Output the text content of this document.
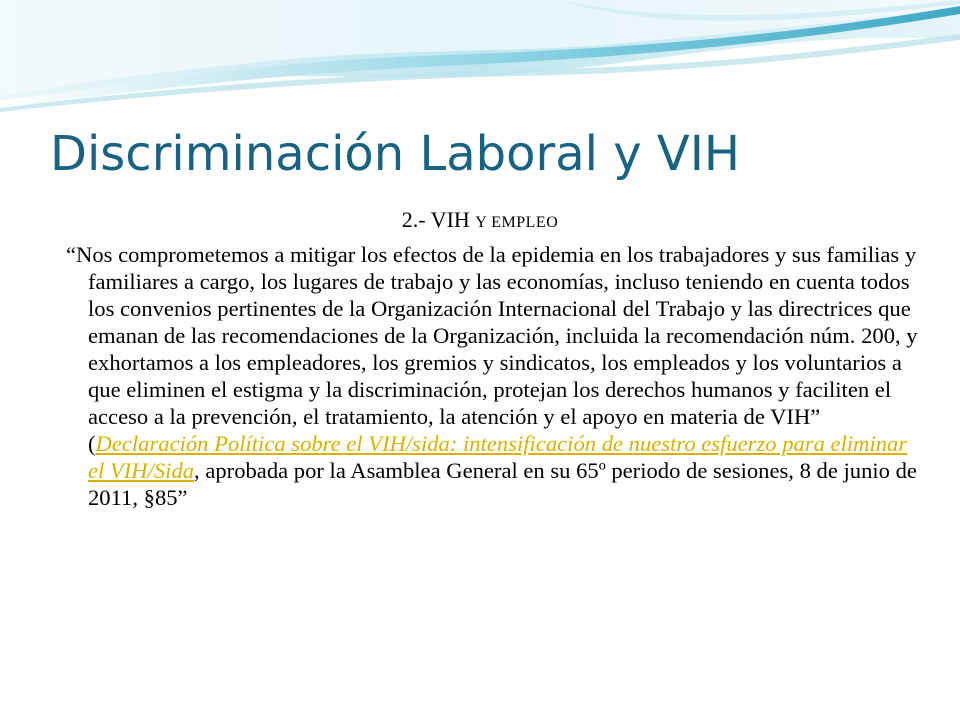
Discriminación Laboral y VIH
2.- VIH Y EMPLEO
“Nos comprometemos a mitigar los efectos de la epidemia en los trabajadores y sus familias y familiares a cargo, los lugares de trabajo y las economías, incluso teniendo en cuenta todos los convenios pertinentes de la Organización Internacional del Trabajo y las directrices que emanan de las recomendaciones de la Organización, incluida la recomendación núm. 200, y exhortamos a los empleadores, los gremios y sindicatos, los empleados y los voluntarios a que eliminen el estigma y la discriminación, protejan los derechos humanos y faciliten el acceso a la prevención, el tratamiento, la atención y el apoyo en materia de VIH” (Declaración Política sobre el VIH/sida: intensificación de nuestro esfuerzo para eliminar el VIH/Sida, aprobada por la Asamblea General en su 65º periodo de sesiones, 8 de junio de 2011, §85”
